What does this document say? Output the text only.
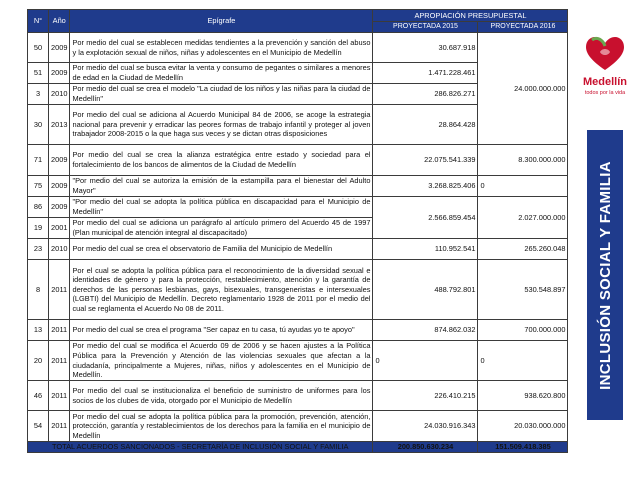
N°	Año	Epígrafe	APROPIACIÓN PRESUPUESTAL	
			PROYECTADA 2015	PROYECTADA 2016
50	2009	Por medio del cual se establecen medidas tendientes a la prevención y sanción del abuso y la explotación sexual de niños, niñas y adolescentes en el Municipio de Medellín	30.687.918	24.000.000.000
51	2009	Por medio del cual se busca evitar la venta y consumo de pegantes o similares a menores de edad en la Ciudad de Medellín	1.471.228.461	
3	2010	Por medio del cual se crea el modelo "La ciudad de los niños y las niñas para la ciudad de Medellín"	286.826.271	
30	2013	Por medio del cual se adiciona al Acuerdo Municipal 84 de 2006, se acoge la estrategia nacional para prevenir y erradicar las peores formas de trabajo infantil y proteger al joven trabajador 2008-2015 o la que haga sus veces y se dictan otras disposiciones	28.864.428	
71	2009	Por medio del cual se crea la alianza estratégica entre estado y sociedad para el fortalecimiento de los bancos de alimentos de la Ciudad de Medellín	22.075.541.339	8.300.000.000
75	2009	"Por medio del cual se autoriza la emisión de la estampilla para el bienestar del Adulto Mayor"	3.268.825.406	0
86	2009	"Por medio del cual se adopta la política pública en discapacidad para el Municipio de Medellín"	2.566.859.454	2.027.000.000
19	2001	Por medio del cual se adiciona un parágrafo al artículo primero del Acuerdo 45 de 1997 (Plan municipal de atención integral al discapacitado)		
23	2010	Por medio del cual se crea el observatorio de Familia del Municipio de Medellín	110.952.541	265.260.048
8	2011	Por el cual se adopta la política pública para el reconocimiento de la diversidad sexual e identidades de género y para la protección, restablecimiento, atención y la garantía de derechos de las personas lesbianas, gays, bisexuales, transgeneristas e intersexuales (LGBTI) del Municipio de Medellín. Decreto reglamentario 1928 de 2011 por el medio del cual se reglamenta el Acuerdo No 08 de 2011.	488.792.801	530.548.897
13	2011	Por medio del cual se crea el programa "Ser capaz en tu casa, tú ayudas yo te apoyo"	874.862.032	700.000.000
20	2011	Por medio del cual se modifica el Acuerdo 09 de 2006 y se hacen ajustes a la Política Pública para la Prevención y Atención de las violencias sexuales que afectan a la ciudadanía, principalmente a Mujeres, niñas, niños y adolescentes en el Municipio de Medellín.	0	0
46	2011	Por medio del cual se institucionaliza el beneficio de suministro de uniformes para los socios de los clubes de vida, otorgado por el Municipio de Medellín	226.410.215	938.620.800
54	2011	Por medio del cual se adopta la política pública para la promoción, prevención, atención, protección, garantía y restablecimientos de los derechos para la familia en el municipio de Medellín	24.030.916.343	20.030.000.000
TOTAL ACUERDOS SANCIONADOS - SECRETARÍA DE INCLUSIÓN SOCIAL Y FAMILIA			200.850.630.234	151.509.418.385
Medellín
todos por la vida
INCLUSIÓN SOCIAL Y FAMILIA
